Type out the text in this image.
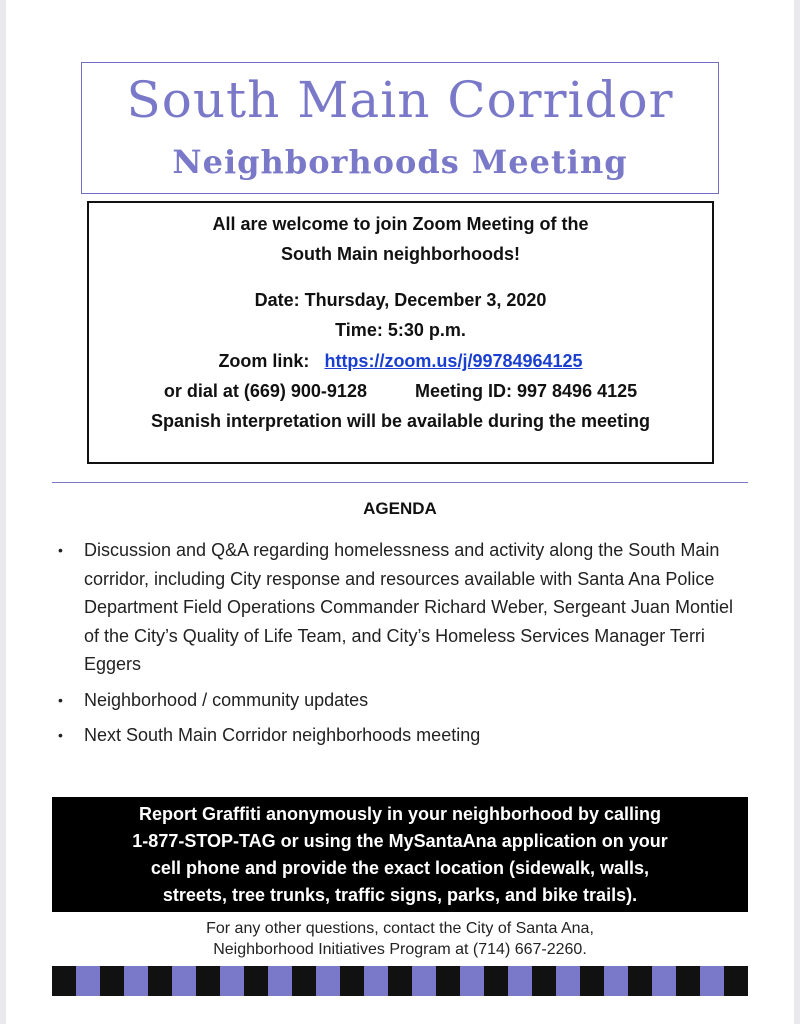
South Main Corridor
Neighborhoods Meeting

All are welcome to join Zoom Meeting of the

South Main neighborhoods!

Date: Thursday, December 3, 2020

Time: 5:30 p.m.

Zoom link: https://zoom.us/j/99784964125

or dial at (669) 900-9128	Meeting ID: 997 8496 4125

Spanish interpretation will be available during the meeting

AGENDA
• Discussion and Q&A regarding homelessness and activity along the South Main corridor, including City response and resources available with Santa Ana Police Department Field Operations Commander Richard Weber, Sergeant Juan Montiel of the City’s Quality of Life Team, and City’s Homeless Services Manager Terri Eggers
• Neighborhood / community updates
• Next South Main Corridor neighborhoods meeting

Report Graffiti anonymously in your neighborhood by calling

1-877-STOP-TAG or using the MySantaAna application on your

cell phone and provide the exact location (sidewalk, walls,

streets, tree trunks, traffic signs, parks, and bike trails).

For any other questions, contact the City of Santa Ana,

Neighborhood Initiatives Program at (714) 667-2260.
